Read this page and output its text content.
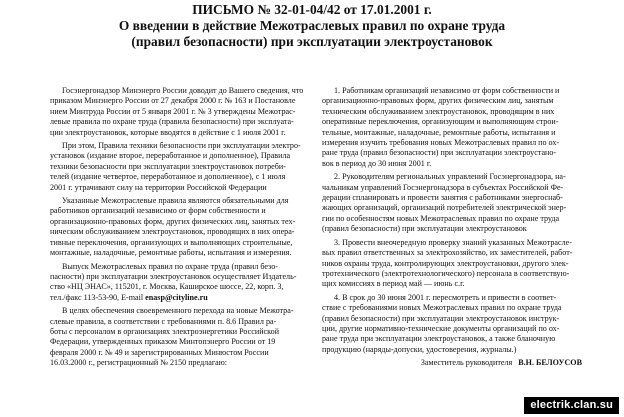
ПИСЬМО № 32-01-04/42 от 17.01.2001 г.
О введении в действие Межотраслевых правил по охране труда
(правил безопасности) при эксплуатации электроустановок

Госэнергонадзор Минэнерго России доводит до Вашего сведения, что
приказом Минэнерго России от 27 декабря 2000 г. № 163 и Постановле
нием Минтруда России от 5 января 2001 г. № 3 утверждены Межотрас-
левые правила по охране труда (правила безопасности) при эксплуата-
ции электроустановок, которые вводятся в действие с 1 июля 2001 г.

При этом, Правила техники безопасности при эксплуатации электро-
установок (издание второе, переработанное и дополненное), Правила
техники безопасности при эксплуатации электроустановок потреби-
телей (издание четвертое, переработанное и дополненное), с 1 июля
2001 г. утрачивают силу на территории Российской Федерации

Указанные Межотраслевые правила являются обязательными для
работников организаций независимо от форм собственности и
организационно-правовых форм, других физических лиц, занятых тех-
ническим обслуживанием электроустановок, проводящих в них опера-
тивные переключения, организующих и выполняющих строительные,
монтажные, наладочные, ремонтные работы, испытания и измерения.

Выпуск Межотраслевых правил по охране труда (правил безо-
пасности) при эксплуатации электроустановок осуществляет Издатель-
ство «НЦ ЭНАС», 115201, г. Москва, Каширское шоссе, 22, корп. 3,
тел./факс 113-53-90, E-mail enasp@cityline.ru

В целях обеспечения своевременного перехода на новые Межотра-
слевые правила, в соответствии с требованиями п. 8.6 Правил ра-
боты с персоналом в организациях электроэнергетики Российской
Федерации, утвержденных приказом Минтопэнерго России от 19
февраля 2000 г. № 49 и зарегистрированных Минюстом России
16.03.2000 г., регистрационный № 2150 предлагаю:

1. Работникам организаций независимо от форм собственности и
организационно-правовых форм, других физическим лиц, занятым
техническим обслуживанием электроустановок, проводящим в них
оперативные переключения, организующим и выполняющим строи-
тельные, монтажные, наладочные, ремонтные работы, испытания и
измерения изучить требования новых Межотраслевых правил по ох-
ране труда (правил безопасности) при эксплуатации электроустано-
вок в период до 30 июня 2001 г.

2. Руководителям региональных управлений Госэнергонадзора, на-
чальникам управлений Госэнергонадзора в субъектах Российской Фе-
дерации спланировать и провести занятия с работниками энергоснаб-
жающих организаций, организаций потребителей электрической энер-
гии по особенностям новых Межотраслевых правил по охране труда
(правил безопасности) при эксплуатации электроустановок

3. Провести внеочередную проверку знаний указанных Межотрасле-
вых правил ответственных за электрохозяйство, их заместителей, работ-
ников охраны труда, контролирующих электроустановки, другого элек-
тротехнического (электротехнологического) персонала в соответствую-
щих комиссиях в период май — июнь с.г.

4. В срок до 30 июня 2001 г. пересмотреть и привести в соответ-
ствие с требованиями новых Межотраслевых правил по охране труда
(правил безопасности) при эксплуатации электроустановок инструк-
ции, другие нормативно-технические документы организаций по ох-
ране труда при эксплуатации электроустановок, а также бланочную
продукцию (наряды-допуски, удостоверения, журналы.)

Заместитель руководителя В.Н. БЕЛОУСОВ
electrik.clan.su
